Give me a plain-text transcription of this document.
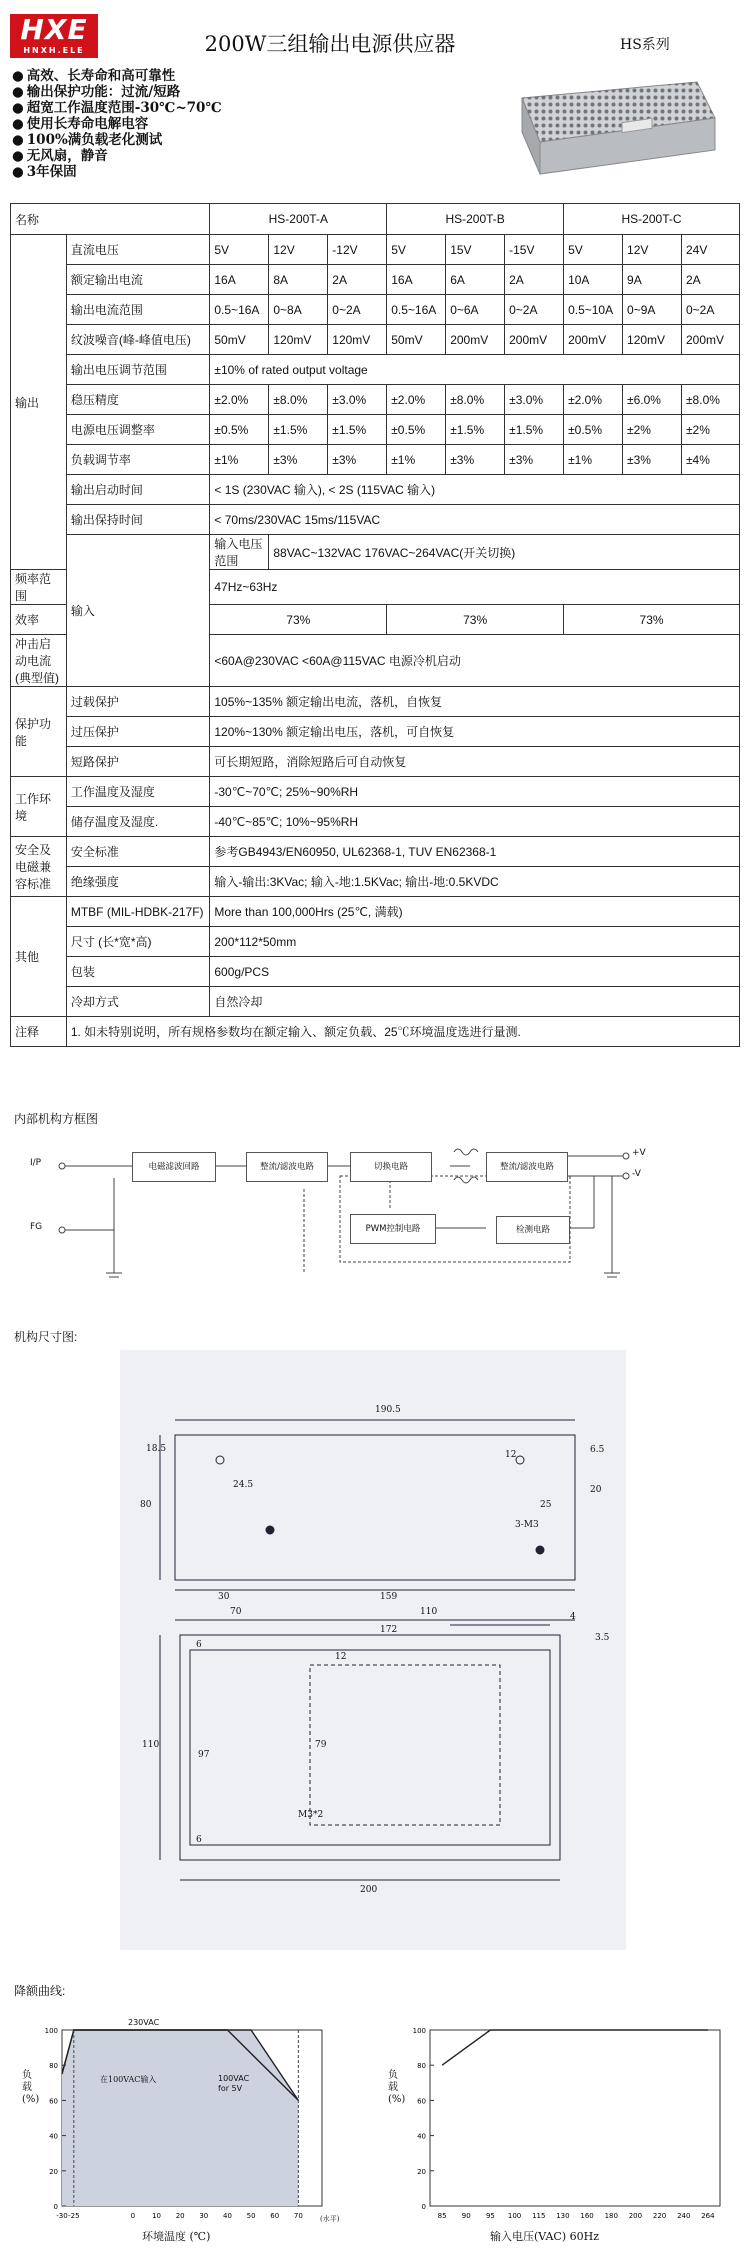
HXE
HNXH.ELE	200W三组输出电源供应器	HS系列
● 高效、长寿命和高可靠性
● 输出保护功能：过流/短路
● 超宽工作温度范围-30℃~70℃
● 使用长寿命电解电容
● 100%满负载老化测试
● 无风扇，静音
● 3年保固
名称		HS-200T-A			HS-200T-B			HS-200T-C		
输出	直流电压	5V	12V	-12V	5V	15V	-15V	5V	12V	24V
	额定输出电流	16A	8A	2A	16A	6A	2A	10A	9A	2A
	输出电流范围	0.5~16A	0~8A	0~2A	0.5~16A	0~6A	0~2A	0.5~10A	0~9A	0~2A
	纹波噪音(峰-峰值电压)	50mV	120mV	120mV	50mV	200mV	200mV	200mV	120mV	200mV
	输出电压调节范围	±10% of rated output voltage								
	稳压精度	±2.0%	±8.0%	±3.0%	±2.0%	±8.0%	±3.0%	±2.0%	±6.0%	±8.0%
	电源电压调整率	±0.5%	±1.5%	±1.5%	±0.5%	±1.5%	±1.5%	±0.5%	±2%	±2%
	负载调节率	±1%	±3%	±3%	±1%	±3%	±3%	±1%	±3%	±4%
	输出启动时间	< 1S (230VAC 输入), < 2S (115VAC 输入)								
	输出保持时间	< 70ms/230VAC 15ms/115VAC								
	输入	输入电压范围	88VAC~132VAC 176VAC~264VAC(开关切换)							
频率范围		47Hz~63Hz								
效率		73%			73%			73%		
冲击启动电流 (典型值)		<60A@230VAC <60A@115VAC 电源冷机启动								
保护功能	过载保护	105%~135% 额定输出电流，落机，自恢复								
	过压保护	120%~130% 额定输出电压，落机，可自恢复								
	短路保护	可长期短路，消除短路后可自动恢复								
工作环境	工作温度及湿度	-30℃~70℃; 25%~90%RH								
	储存温度及湿度.	-40℃~85℃; 10%~95%RH								
安全及电磁兼容标准	安全标准	参考GB4943/EN60950, UL62368-1, TUV EN62368-1								
	绝缘强度	输入-输出:3KVac; 输入-地:1.5KVac; 输出-地:0.5KVDC								
其他	MTBF (MIL-HDBK-217F)	More than 100,000Hrs (25℃, 满载)								
	尺寸 (长*宽*高)	200*112*50mm								
	包装	600g/PCS								
	冷却方式	自然冷却								
注释	1. 如未特别说明，所有规格参数均在额定输入、额定负载、25℃环境温度选进行量测.									
内部机构方框图
I/P
FG
电磁滤波回路	整流/滤波电路	切换电路	整流/滤波电路
PWM控制电路	检测电路
+V
-V
机构尺寸图:
190.5
18.5
80
24.5
30	159
12
25
6.5
20
3-M3
70	110
172
6
12
110
97
79
6
M3*2
200
4
3.5
降额曲线:
-30 -25	0 10 20 30 40 50 60 70
0
20
40
60
80
100
负载(%)
环境温度 (℃)
(水平)
230VAC
在100VAC输入	100VAC
for 5V
85 90 95 100 115 130 160 180 200 220 240 264
0
20
40
60
80
100
负载(%)
输入电压(VAC) 60Hz
